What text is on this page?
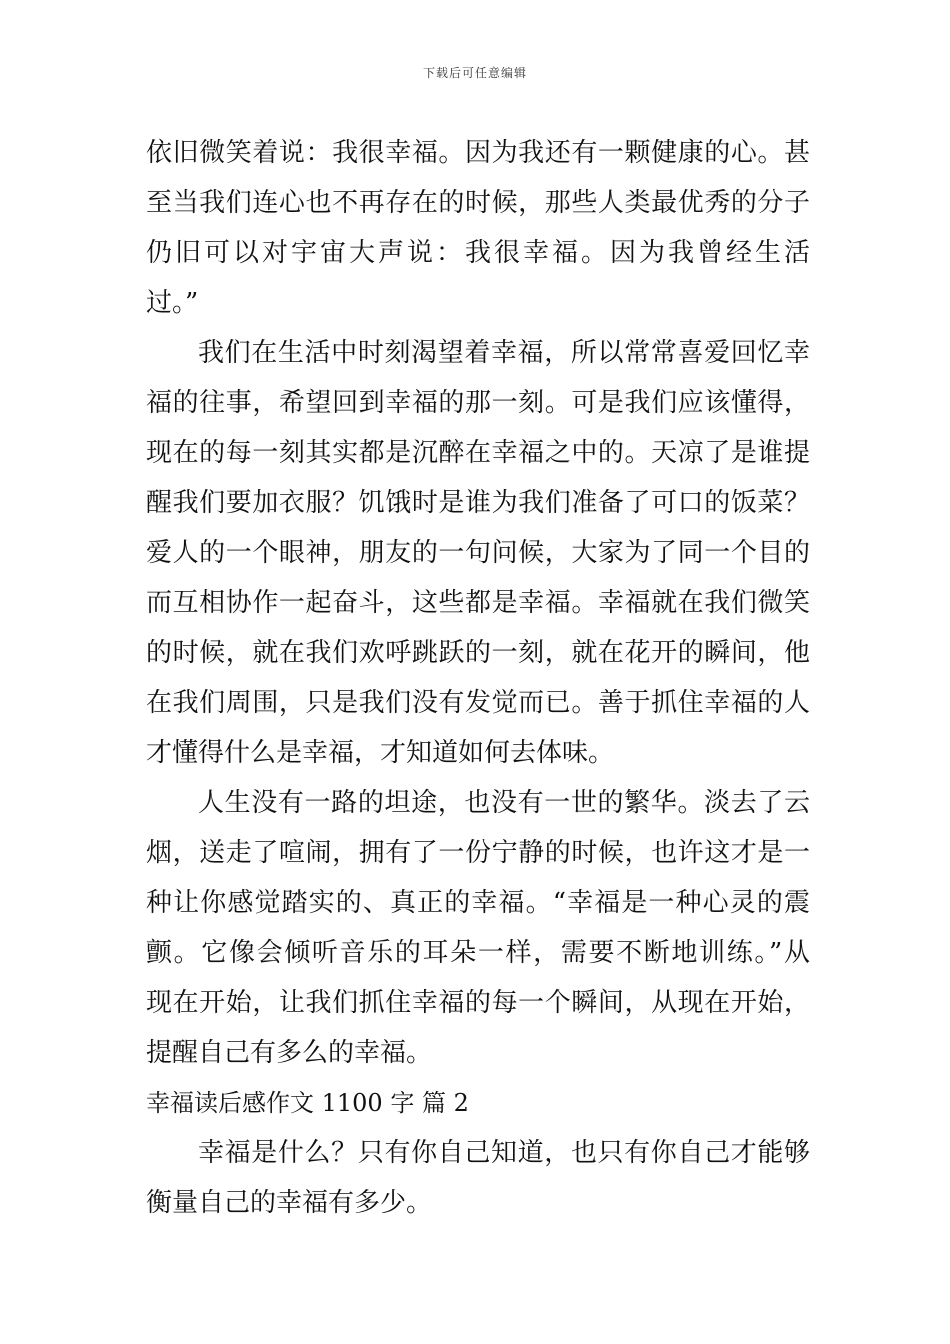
下载后可任意编辑
依旧微笑着说：我很幸福。因为我还有一颗健康的心。甚
至当我们连心也不再存在的时候，那些人类最优秀的分子
仍旧可以对宇宙大声说：我很幸福。因为我曾经生活
过。”
我们在生活中时刻渴望着幸福，所以常常喜爱回忆幸
福的往事，希望回到幸福的那一刻。可是我们应该懂得，
现在的每一刻其实都是沉醉在幸福之中的。天凉了是谁提
醒我们要加衣服？饥饿时是谁为我们准备了可口的饭菜？
爱人的一个眼神，朋友的一句问候，大家为了同一个目的
而互相协作一起奋斗，这些都是幸福。幸福就在我们微笑
的时候，就在我们欢呼跳跃的一刻，就在花开的瞬间，他
在我们周围，只是我们没有发觉而已。善于抓住幸福的人
才懂得什么是幸福，才知道如何去体味。
人生没有一路的坦途，也没有一世的繁华。淡去了云
烟，送走了喧闹，拥有了一份宁静的时候，也许这才是一
种让你感觉踏实的、真正的幸福。“幸福是一种心灵的震
颤。它像会倾听音乐的耳朵一样，需要不断地训练。”从
现在开始，让我们抓住幸福的每一个瞬间，从现在开始，
提醒自己有多么的幸福。
幸福读后感作文 1100 字 篇 2
幸福是什么？只有你自己知道，也只有你自己才能够
衡量自己的幸福有多少。
